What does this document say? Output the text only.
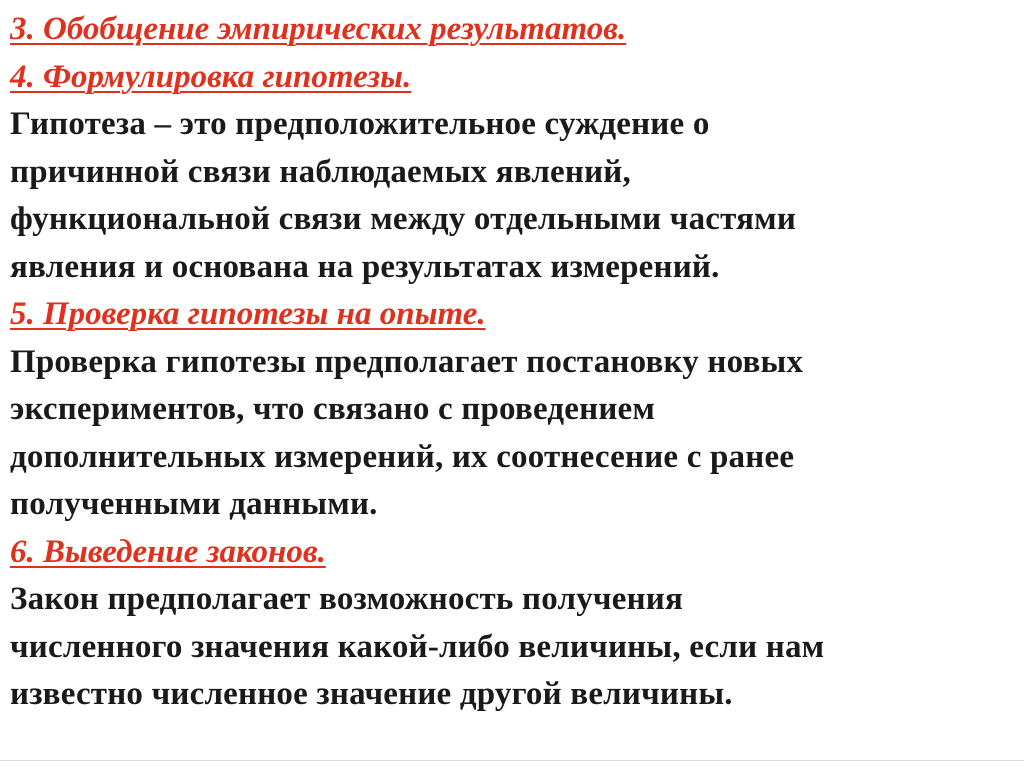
3. Обобщение эмпирических результатов.
4. Формулировка гипотезы.
Гипотеза – это предположительное суждение о
причинной связи наблюдаемых явлений,
функциональной связи между отдельными частями
явления и основана на результатах измерений.
5. Проверка гипотезы на опыте.
Проверка гипотезы предполагает постановку новых
экспериментов, что связано с проведением
дополнительных измерений, их соотнесение с ранее
полученными данными.
6. Выведение законов.
Закон предполагает возможность получения
численного значения какой-либо величины, если нам
известно численное значение другой величины.
